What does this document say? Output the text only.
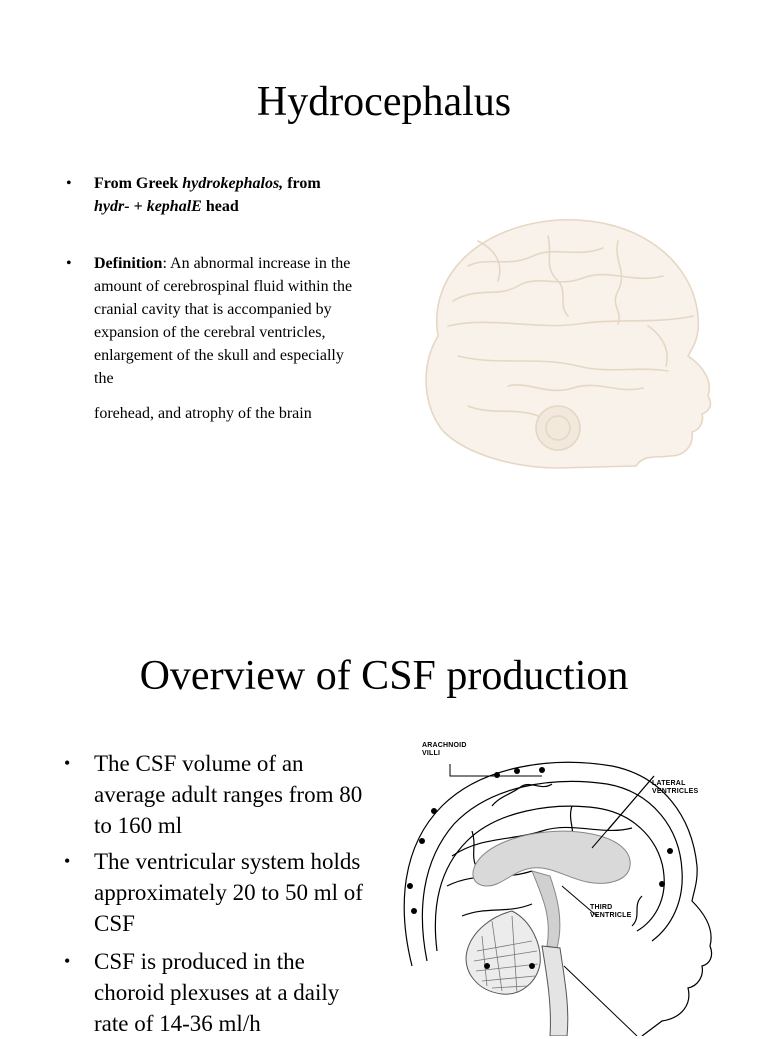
Hydrocephalus
• From Greek hydrokephalos, from
hydr- + kephalE head
• Definition: An abnormal increase in the amount of cerebrospinal fluid within the cranial cavity that is accompanied by expansion of the cerebral ventricles, enlargement of the skull and especially the
forehead, and atrophy of the brain
Overview of CSF production
• The CSF volume of an average adult ranges from 80 to 160 ml
• The ventricular system holds approximately 20 to 50 ml of CSF
• CSF is produced in the choroid plexuses at a daily rate of 14-36 ml/h
ARACHNOID
VILLI
LATERAL
VENTRICLES
THIRD
VENTRICLE
